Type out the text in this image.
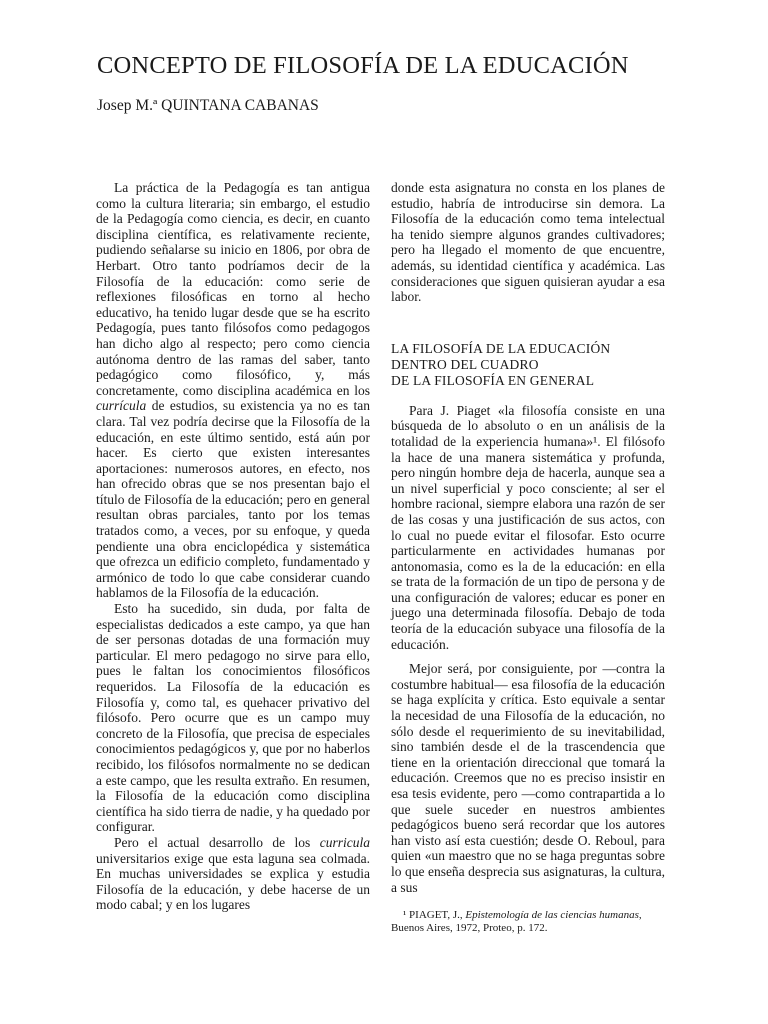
CONCEPTO DE FILOSOFÍA DE LA EDUCACIÓN
Josep M.ª QUINTANA CABANAS

La práctica de la Pedagogía es tan antigua como la cultura literaria; sin embargo, el estudio de la Pedagogía como ciencia, es decir, en cuanto disciplina científica, es relativamente reciente, pudiendo señalarse su inicio en 1806, por obra de Herbart. Otro tanto podríamos decir de la Filosofía de la educación: como serie de reflexiones filosóficas en torno al hecho educativo, ha tenido lugar desde que se ha escrito Pedagogía, pues tanto filósofos como pedagogos han dicho algo al respecto; pero como ciencia autónoma dentro de las ramas del saber, tanto pedagógico como filosófico, y, más concretamente, como disciplina académica en los currícula de estudios, su existencia ya no es tan clara. Tal vez podría decirse que la Filosofía de la educación, en este último sentido, está aún por hacer. Es cierto que existen interesantes aportaciones: numerosos autores, en efecto, nos han ofrecido obras que se nos presentan bajo el título de Filosofía de la educación; pero en general resultan obras parciales, tanto por los temas tratados como, a veces, por su enfoque, y queda pendiente una obra enciclopédica y sistemática que ofrezca un edificio completo, fundamentado y armónico de todo lo que cabe considerar cuando hablamos de la Filosofía de la educación.

Esto ha sucedido, sin duda, por falta de especialistas dedicados a este campo, ya que han de ser personas dotadas de una formación muy particular. El mero pedagogo no sirve para ello, pues le faltan los conocimientos filosóficos requeridos. La Filosofía de la educación es Filosofía y, como tal, es quehacer privativo del filósofo. Pero ocurre que es un campo muy concreto de la Filosofía, que precisa de especiales conocimientos pedagógicos y, que por no haberlos recibido, los filósofos normalmente no se dedican a este campo, que les resulta extraño. En resumen, la Filosofía de la educación como disciplina científica ha sido tierra de nadie, y ha quedado por configurar.

Pero el actual desarrollo de los curricula universitarios exige que esta laguna sea colmada. En muchas universidades se explica y estudia Filosofía de la educación, y debe hacerse de un modo cabal; y en los lugares

donde esta asignatura no consta en los planes de estudio, habría de introducirse sin demora. La Filosofía de la educación como tema intelectual ha tenido siempre algunos grandes cultivadores; pero ha llegado el momento de que encuentre, además, su identidad científica y académica. Las consideraciones que siguen quisieran ayudar a esa labor.

LA FILOSOFÍA DE LA EDUCACIÓN
DENTRO DEL CUADRO
DE LA FILOSOFÍA EN GENERAL

Para J. Piaget «la filosofía consiste en una búsqueda de lo absoluto o en un análisis de la totalidad de la experiencia humana»¹. El filósofo la hace de una manera sistemática y profunda, pero ningún hombre deja de hacerla, aunque sea a un nivel superficial y poco consciente; al ser el hombre racional, siempre elabora una razón de ser de las cosas y una justificación de sus actos, con lo cual no puede evitar el filosofar. Esto ocurre particularmente en actividades humanas por antonomasia, como es la de la educación: en ella se trata de la formación de un tipo de persona y de una configuración de valores; educar es poner en juego una determinada filosofía. Debajo de toda teoría de la educación subyace una filosofía de la educación.

Mejor será, por consiguiente, por —contra la costumbre habitual— esa filosofía de la educación se haga explícita y crítica. Esto equivale a sentar la necesidad de una Filosofía de la educación, no sólo desde el requerimiento de su inevitabilidad, sino también desde el de la trascendencia que tiene en la orientación direccional que tomará la educación. Creemos que no es preciso insistir en esa tesis evidente, pero —como contrapartida a lo que suele suceder en nuestros ambientes pedagógicos bueno será recordar que los autores han visto así esta cuestión; desde O. Reboul, para quien «un maestro que no se haga preguntas sobre lo que enseña desprecia sus asignaturas, la cultura, a sus

¹ PIAGET, J., Epistemología de las ciencias humanas, Buenos Aires, 1972, Proteo, p. 172.
